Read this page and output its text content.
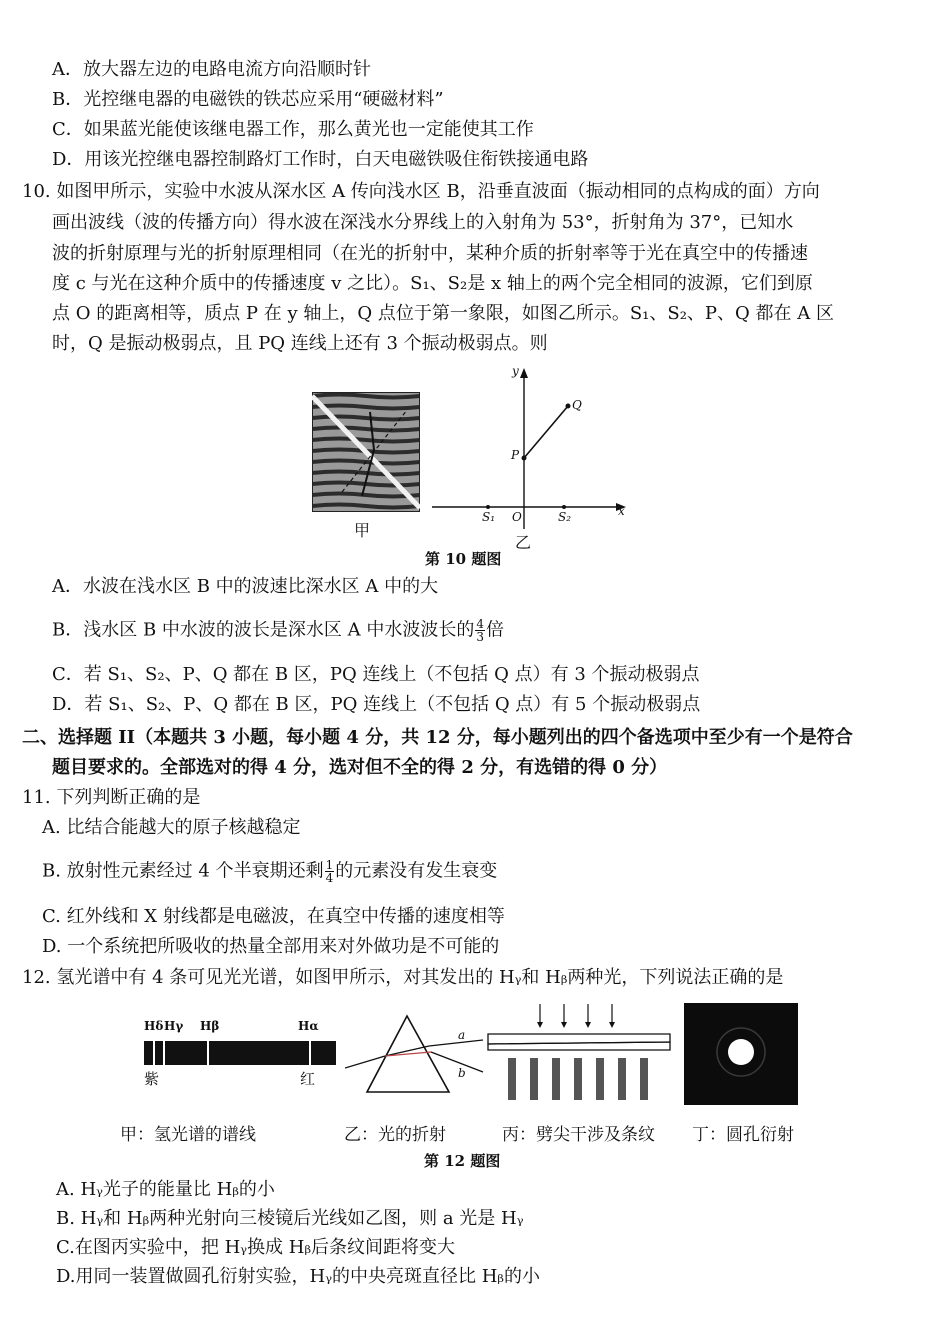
A．放大器左边的电路电流方向沿顺时针
B．光控继电器的电磁铁的铁芯应采用“硬磁材料”
C．如果蓝光能使该继电器工作，那么黄光也一定能使其工作
D．用该光控继电器控制路灯工作时，白天电磁铁吸住衔铁接通电路
10. 如图甲所示，实验中水波从深水区 A 传向浅水区 B，沿垂直波面（振动相同的点构成的面）方向
画出波线（波的传播方向）得水波在深浅水分界线上的入射角为 53°，折射角为 37°，已知水
波的折射原理与光的折射原理相同（在光的折射中，某种介质的折射率等于光在真空中的传播速
度 c 与光在这种介质中的传播速度 v 之比）。S₁、S₂是 x 轴上的两个完全相同的波源，它们到原
点 O 的距离相等，质点 P 在 y 轴上，Q 点位于第一象限，如图乙所示。S₁、S₂、P、Q 都在 A 区
时，Q 是振动极弱点，且 PQ 连线上还有 3 个振动极弱点。则
甲
y
x
Q
P
O
S₁	S₂
乙
第 10 题图
A．水波在浅水区 B 中的波速比深水区 A 中的大
B．浅水区 B 中水波的波长是深水区 A 中水波波长的 $\frac{4}{3}$ 倍
C．若 S₁、S₂、P、Q 都在 B 区，PQ 连线上（不包括 Q 点）有 3 个振动极弱点
D．若 S₁、S₂、P、Q 都在 B 区，PQ 连线上（不包括 Q 点）有 5 个振动极弱点
二、选择题 II（本题共 3 小题，每小题 4 分，共 12 分，每小题列出的四个备选项中至少有一个是符合
题目要求的。全部选对的得 4 分，选对但不全的得 2 分，有选错的得 0 分）
11. 下列判断正确的是
A. 比结合能越大的原子核越稳定
B. 放射性元素经过 4 个半衰期还剩 $\frac{1}{4}$ 的元素没有发生衰变
C. 红外线和 X 射线都是电磁波，在真空中传播的速度相等
D. 一个系统把所吸收的热量全部用来对外做功是不可能的
12. 氢光谱中有 4 条可见光光谱，如图甲所示，对其发出的 Hᵧ和 Hᵦ两种光，下列说法正确的是
Hδ Hγ Hβ	Hα
紫	红
a
b
甲：氢光谱的谱线	乙：光的折射	丙：劈尖干涉及条纹 丁：圆孔衍射
第 12 题图
A. Hᵧ光子的能量比 Hᵦ的小
B. Hᵧ和 Hᵦ两种光射向三棱镜后光线如乙图，则 a 光是 Hᵧ
C.在图丙实验中，把 Hᵧ换成 Hᵦ后条纹间距将变大
D.用同一装置做圆孔衍射实验，Hᵧ的中央亮斑直径比 Hᵦ的小
